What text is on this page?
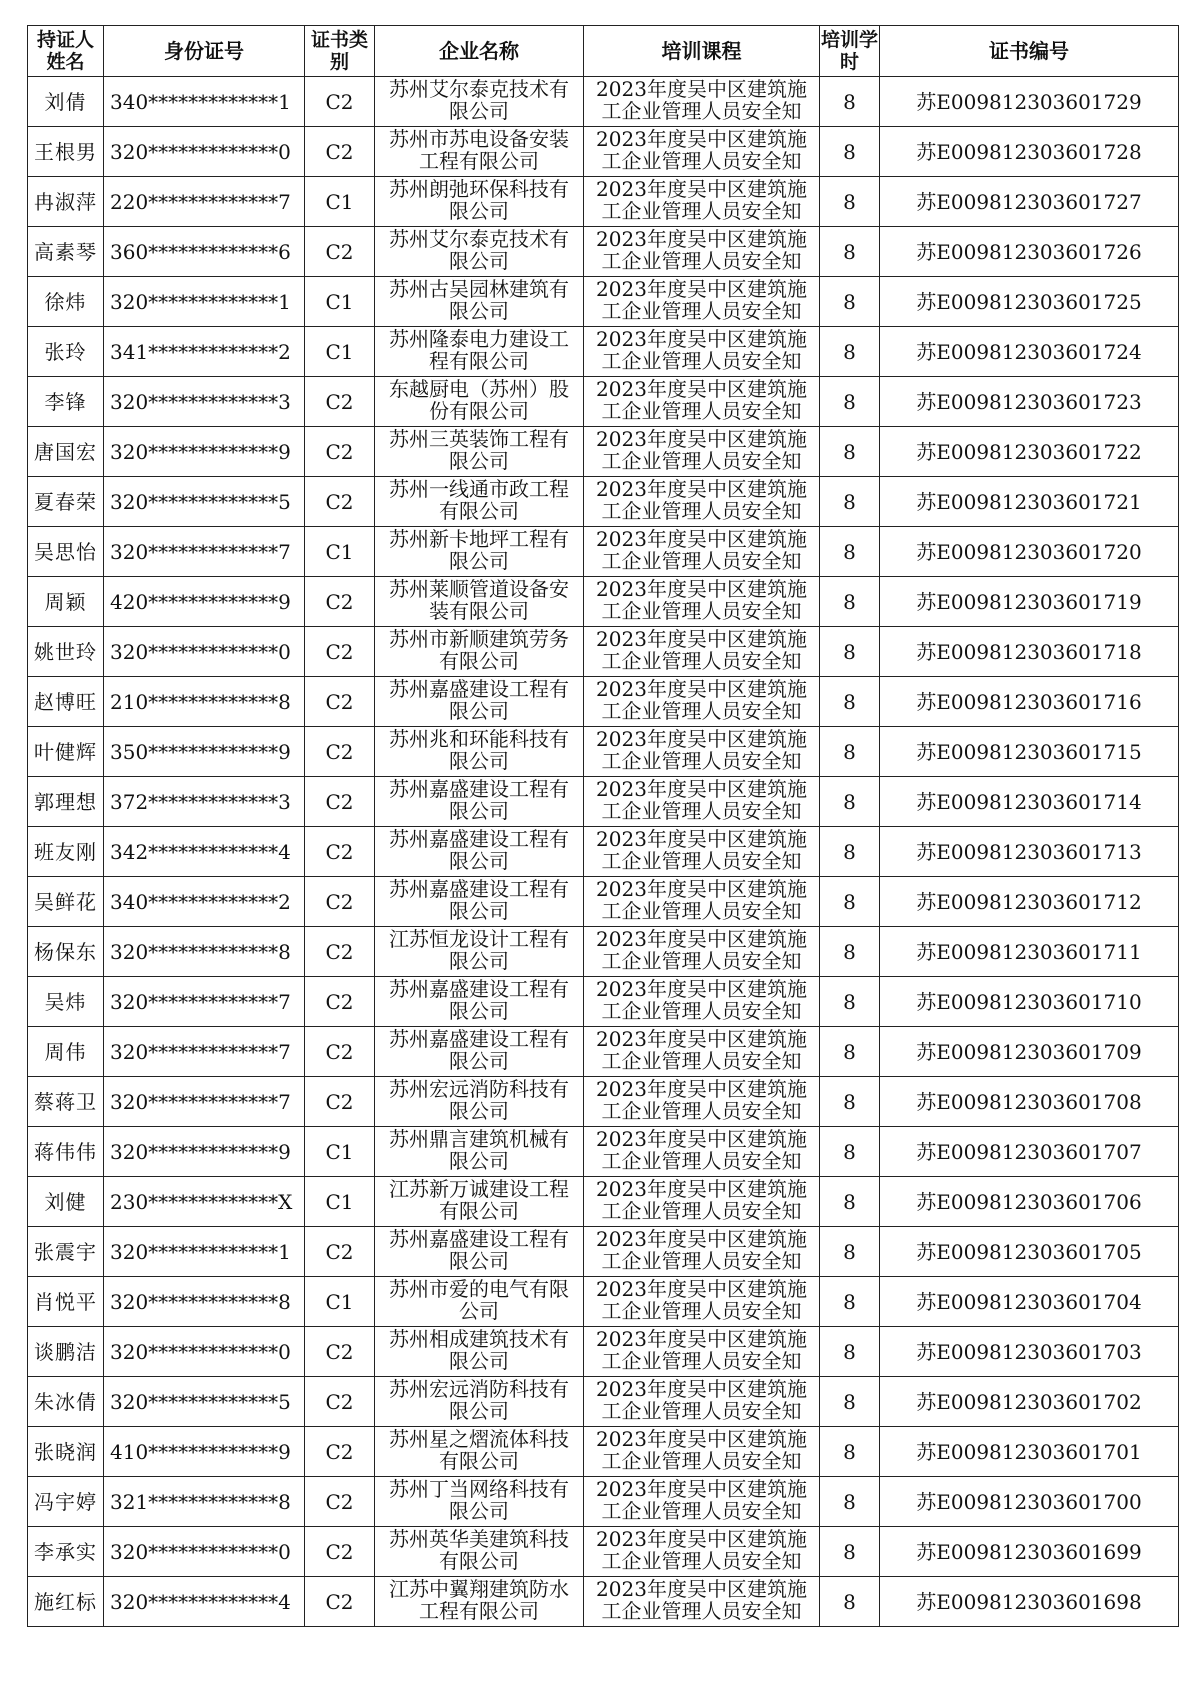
持证人姓名	身份证号	证书类别	企业名称	培训课程	培训学时	证书编号
刘倩	340*************1	C2	苏州艾尔泰克技术有限公司	2023年度吴中区建筑施工企业管理人员安全知	8	苏E009812303601729
王根男	320*************0	C2	苏州市苏电设备安装工程有限公司	2023年度吴中区建筑施工企业管理人员安全知	8	苏E009812303601728
冉淑萍	220*************7	C1	苏州朗弛环保科技有限公司	2023年度吴中区建筑施工企业管理人员安全知	8	苏E009812303601727
高素琴	360*************6	C2	苏州艾尔泰克技术有限公司	2023年度吴中区建筑施工企业管理人员安全知	8	苏E009812303601726
徐炜	320*************1	C1	苏州古吴园林建筑有限公司	2023年度吴中区建筑施工企业管理人员安全知	8	苏E009812303601725
张玲	341*************2	C1	苏州隆泰电力建设工程有限公司	2023年度吴中区建筑施工企业管理人员安全知	8	苏E009812303601724
李锋	320*************3	C2	东越厨电（苏州）股份有限公司	2023年度吴中区建筑施工企业管理人员安全知	8	苏E009812303601723
唐国宏	320*************9	C2	苏州三英装饰工程有限公司	2023年度吴中区建筑施工企业管理人员安全知	8	苏E009812303601722
夏春荣	320*************5	C2	苏州一线通市政工程有限公司	2023年度吴中区建筑施工企业管理人员安全知	8	苏E009812303601721
吴思怡	320*************7	C1	苏州新卡地坪工程有限公司	2023年度吴中区建筑施工企业管理人员安全知	8	苏E009812303601720
周颖	420*************9	C2	苏州莱顺管道设备安装有限公司	2023年度吴中区建筑施工企业管理人员安全知	8	苏E009812303601719
姚世玲	320*************0	C2	苏州市新顺建筑劳务有限公司	2023年度吴中区建筑施工企业管理人员安全知	8	苏E009812303601718
赵博旺	210*************8	C2	苏州嘉盛建设工程有限公司	2023年度吴中区建筑施工企业管理人员安全知	8	苏E009812303601716
叶健辉	350*************9	C2	苏州兆和环能科技有限公司	2023年度吴中区建筑施工企业管理人员安全知	8	苏E009812303601715
郭理想	372*************3	C2	苏州嘉盛建设工程有限公司	2023年度吴中区建筑施工企业管理人员安全知	8	苏E009812303601714
班友刚	342*************4	C2	苏州嘉盛建设工程有限公司	2023年度吴中区建筑施工企业管理人员安全知	8	苏E009812303601713
吴鲜花	340*************2	C2	苏州嘉盛建设工程有限公司	2023年度吴中区建筑施工企业管理人员安全知	8	苏E009812303601712
杨保东	320*************8	C2	江苏恒龙设计工程有限公司	2023年度吴中区建筑施工企业管理人员安全知	8	苏E009812303601711
吴炜	320*************7	C2	苏州嘉盛建设工程有限公司	2023年度吴中区建筑施工企业管理人员安全知	8	苏E009812303601710
周伟	320*************7	C2	苏州嘉盛建设工程有限公司	2023年度吴中区建筑施工企业管理人员安全知	8	苏E009812303601709
蔡蒋卫	320*************7	C2	苏州宏远消防科技有限公司	2023年度吴中区建筑施工企业管理人员安全知	8	苏E009812303601708
蒋伟伟	320*************9	C1	苏州鼎言建筑机械有限公司	2023年度吴中区建筑施工企业管理人员安全知	8	苏E009812303601707
刘健	230*************X	C1	江苏新万诚建设工程有限公司	2023年度吴中区建筑施工企业管理人员安全知	8	苏E009812303601706
张震宇	320*************1	C2	苏州嘉盛建设工程有限公司	2023年度吴中区建筑施工企业管理人员安全知	8	苏E009812303601705
肖悦平	320*************8	C1	苏州市爱的电气有限公司	2023年度吴中区建筑施工企业管理人员安全知	8	苏E009812303601704
谈鹏洁	320*************0	C2	苏州相成建筑技术有限公司	2023年度吴中区建筑施工企业管理人员安全知	8	苏E009812303601703
朱冰倩	320*************5	C2	苏州宏远消防科技有限公司	2023年度吴中区建筑施工企业管理人员安全知	8	苏E009812303601702
张晓润	410*************9	C2	苏州星之熠流体科技有限公司	2023年度吴中区建筑施工企业管理人员安全知	8	苏E009812303601701
冯宇婷	321*************8	C2	苏州丁当网络科技有限公司	2023年度吴中区建筑施工企业管理人员安全知	8	苏E009812303601700
李承实	320*************0	C2	苏州英华美建筑科技有限公司	2023年度吴中区建筑施工企业管理人员安全知	8	苏E009812303601699
施红标	320*************4	C2	江苏中翼翔建筑防水工程有限公司	2023年度吴中区建筑施工企业管理人员安全知	8	苏E009812303601698
